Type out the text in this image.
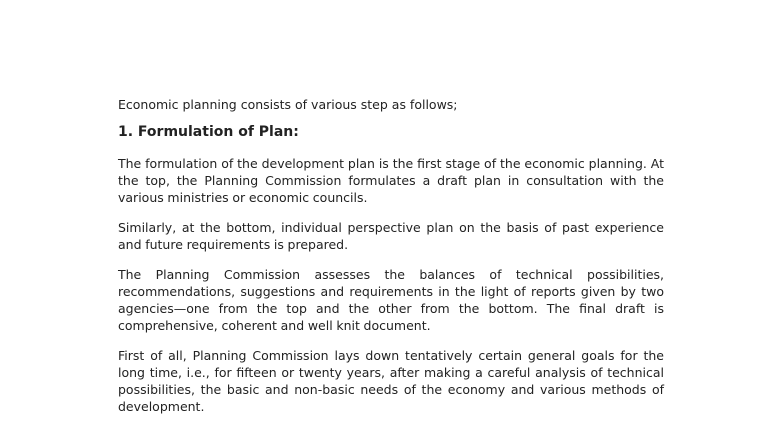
Economic planning consists of various step as follows;

1. Formulation of Plan:

The formulation of the development plan is the first stage of the economic planning. At the top, the Planning Commission formulates a draft plan in consultation with the various ministries or economic councils.

Similarly, at the bottom, individual perspective plan on the basis of past experience and future requirements is prepared.

The Planning Commission assesses the balances of technical possibilities, recommendations, suggestions and requirements in the light of reports given by two agencies—one from the top and the other from the bottom. The final draft is comprehensive, coherent and well knit document.

First of all, Planning Commission lays down tentatively certain general goals for the long time, i.e., for fifteen or twenty years, after making a careful analysis of technical possibilities, the basic and non-basic needs of the economy and various methods of development.
